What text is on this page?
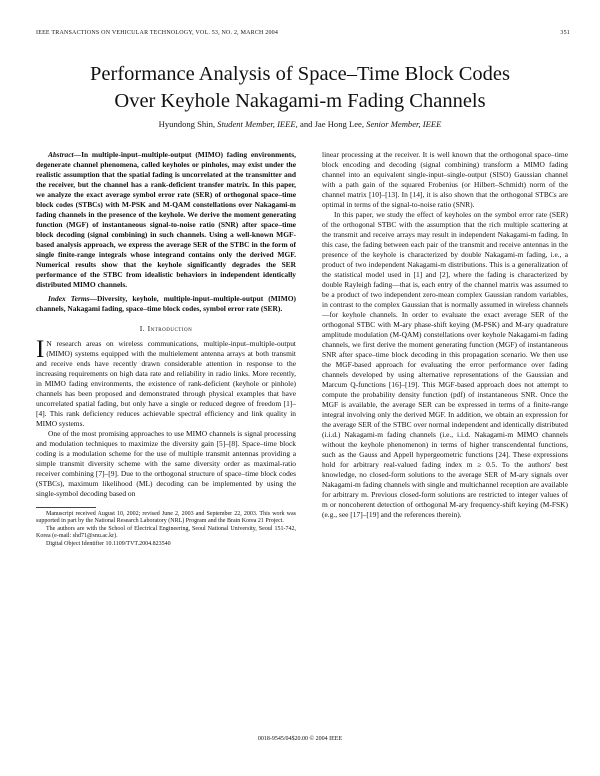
IEEE TRANSACTIONS ON VEHICULAR TECHNOLOGY, VOL. 53, NO. 2, MARCH 2004	351
Performance Analysis of Space–Time Block Codes
Over Keyhole Nakagami-m Fading Channels
Hyundong Shin, Student Member, IEEE, and Jae Hong Lee, Senior Member, IEEE

Abstract—In multiple-input–multiple-output (MIMO) fading environments, degenerate channel phenomena, called keyholes or pinholes, may exist under the realistic assumption that the spatial fading is uncorrelated at the transmitter and the receiver, but the channel has a rank-deficient transfer matrix. In this paper, we analyze the exact average symbol error rate (SER) of orthogonal space–time block codes (STBCs) with M-PSK and M-QAM constellations over Nakagami-m fading channels in the presence of the keyhole. We derive the moment generating function (MGF) of instantaneous signal-to-noise ratio (SNR) after space–time block decoding (signal combining) in such channels. Using a well-known MGF-based analysis approach, we express the average SER of the STBC in the form of single finite-range integrals whose integrand contains only the derived MGF. Numerical results show that the keyhole significantly degrades the SER performance of the STBC from idealistic behaviors in independent identically distributed MIMO channels.

Index Terms—Diversity, keyhole, multiple-input–multiple-output (MIMO) channels, Nakagami fading, space–time block codes, symbol error rate (SER).

I. Introduction

I N research areas on wireless communications, multiple-input–multiple-output (MIMO) systems equipped with the multielement antenna arrays at both transmit and receive ends have recently drawn considerable attention in response to the increasing requirements on high data rate and reliability in radio links. More recently, in MIMO fading environments, the existence of rank-deficient (keyhole or pinhole) channels has been proposed and demonstrated through physical examples that have uncorrelated spatial fading, but only have a single or reduced degree of freedom [1]–[4]. This rank deficiency reduces achievable spectral efficiency and link quality in MIMO systems.

One of the most promising approaches to use MIMO channels is signal processing and modulation techniques to maximize the diversity gain [5]–[8]. Space–time block coding is a modulation scheme for the use of multiple transmit antennas providing a simple transmit diversity scheme with the same diversity order as maximal-ratio receiver combining [7]–[9]. Due to the orthogonal structure of space–time block codes (STBCs), maximum likelihood (ML) decoding can be implemented by using the single-symbol decoding based on

Manuscript received August 10, 2002; revised June 2, 2003 and September 22, 2003. This work was supported in part by the National Research Laboratory (NRL) Program and the Brain Korea 21 Project.

The authors are with the School of Electrical Engineering, Seoul National University, Seoul 151-742, Korea (e-mail: shd71@snu.ac.kr).

Digital Object Identifier 10.1109/TVT.2004.823540

linear processing at the receiver. It is well known that the orthogonal space–time block encoding and decoding (signal combining) transform a MIMO fading channel into an equivalent single-input–single-output (SISO) Gaussian channel with a path gain of the squared Frobenius (or Hilbert–Schmidt) norm of the channel matrix [10]–[13]. In [14], it is also shown that the orthogonal STBCs are optimal in terms of the signal-to-noise ratio (SNR).

In this paper, we study the effect of keyholes on the symbol error rate (SER) of the orthogonal STBC with the assumption that the rich multiple scattering at the transmit and receive arrays may result in independent Nakagami-m fading. In this case, the fading between each pair of the transmit and receive antennas in the presence of the keyhole is characterized by double Nakagami-m fading, i.e., a product of two independent Nakagami-m distributions. This is a generalization of the statistical model used in [1] and [2], where the fading is characterized by double Rayleigh fading—that is, each entry of the channel matrix was assumed to be a product of two independent zero-mean complex Gaussian random variables, in contrast to the complex Gaussian that is normally assumed in wireless channels—for keyhole channels. In order to evaluate the exact average SER of the orthogonal STBC with M-ary phase-shift keying (M-PSK) and M-ary quadrature amplitude modulation (M-QAM) constellations over keyhole Nakagami-m fading channels, we first derive the moment generating function (MGF) of instantaneous SNR after space–time block decoding in this propagation scenario. We then use the MGF-based approach for evaluating the error performance over fading channels developed by using alternative representations of the Gaussian and Marcum Q-functions [16]–[19]. This MGF-based approach does not attempt to compute the probability density function (pdf) of instantaneous SNR. Once the MGF is available, the average SER can be expressed in terms of a finite-range integral involving only the derived MGF. In addition, we obtain an expression for the average SER of the STBC over normal independent and identically distributed (i.i.d.) Nakagami-m fading channels (i.e., i.i.d. Nakagami-m MIMO channels without the keyhole phenomenon) in terms of higher transcendental functions, such as the Gauss and Appell hypergeometric functions [24]. These expressions hold for arbitrary real-valued fading index m ≥ 0.5. To the authors' best knowledge, no closed-form solutions to the average SER of M-ary signals over Nakagami-m fading channels with single and multichannel reception are available for arbitrary m. Previous closed-form solutions are restricted to integer values of m or noncoherent detection of orthogonal M-ary frequency-shift keying (M-FSK) (e.g., see [17]–[19] and the references therein).

0018-9545/04$20.00 © 2004 IEEE
